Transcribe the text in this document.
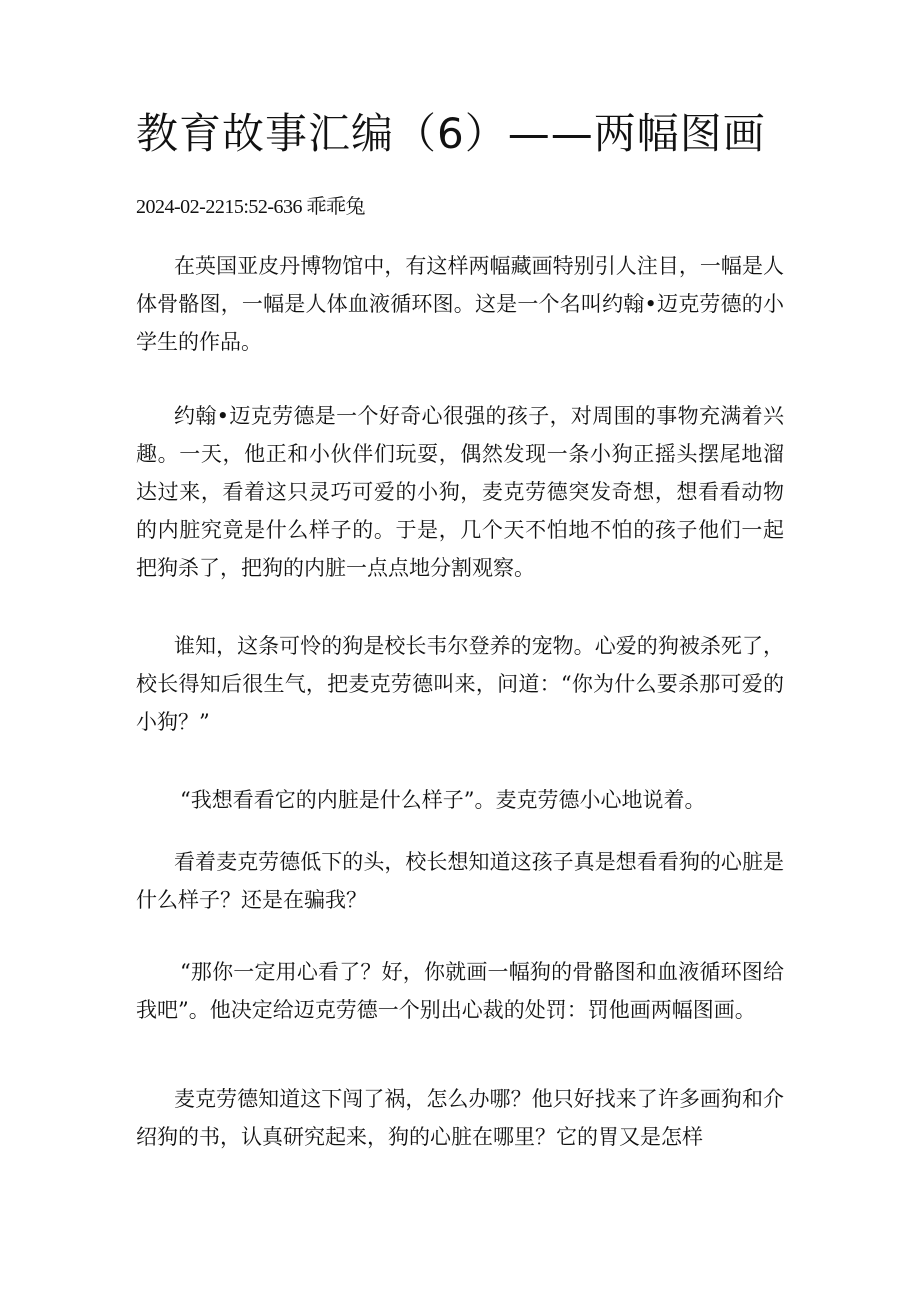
教育故事汇编（6）——两幅图画
2024-02-2215:52-636 乖乖兔

在英国亚皮丹博物馆中，有这样两幅藏画特别引人注目，一幅是人体骨骼图，一幅是人体血液循环图。这是一个名叫约翰•迈克劳德的小学生的作品。

约翰•迈克劳德是一个好奇心很强的孩子，对周围的事物充满着兴趣。一天，他正和小伙伴们玩耍，偶然发现一条小狗正摇头摆尾地溜达过来，看着这只灵巧可爱的小狗，麦克劳德突发奇想，想看看动物的内脏究竟是什么样子的。于是，几个天不怕地不怕的孩子他们一起把狗杀了，把狗的内脏一点点地分割观察。

谁知，这条可怜的狗是校长韦尔登养的宠物。心爱的狗被杀死了，校长得知后很生气，把麦克劳德叫来，问道：“你为什么要杀那可爱的小狗？”

“我想看看它的内脏是什么样子”。麦克劳德小心地说着。

看着麦克劳德低下的头，校长想知道这孩子真是想看看狗的心脏是什么样子？还是在骗我？

“那你一定用心看了？好，你就画一幅狗的骨骼图和血液循环图给我吧”。他决定给迈克劳德一个别出心裁的处罚：罚他画两幅图画。

麦克劳德知道这下闯了祸，怎么办哪？他只好找来了许多画狗和介绍狗的书，认真研究起来，狗的心脏在哪里？它的胃又是怎样
